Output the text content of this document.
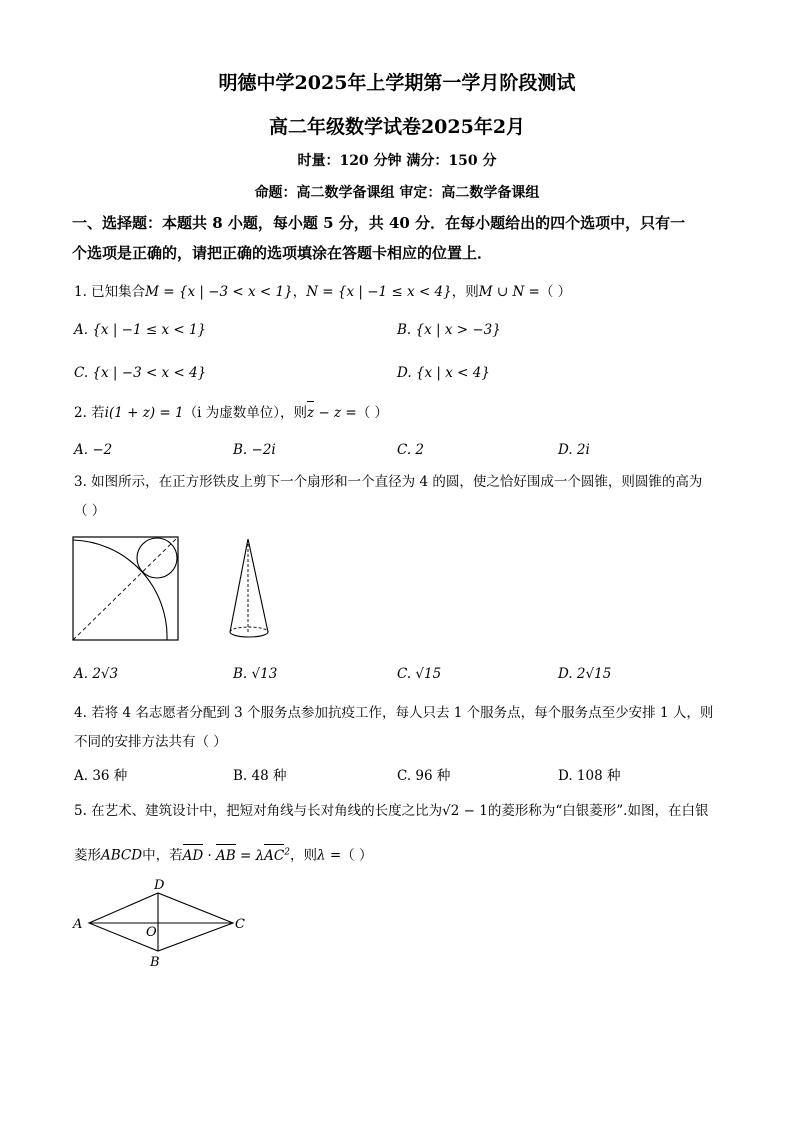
明德中学2025年上学期第一学月阶段测试
高二年级数学试卷2025年2月
时量：120 分钟 满分：150 分
命题：高二数学备课组 审定：高二数学备课组
一、选择题：本题共 8 小题，每小题 5 分，共 40 分．在每小题给出的四个选项中，只有一
个选项是正确的，请把正确的选项填涂在答题卡相应的位置上．
1. 已知集合M = {x | −3 < x < 1}，N = {x | −1 ≤ x < 4}，则M ∪ N =（ ）
A. {x | −1 ≤ x < 1}	B. {x | x > −3}
C. {x | −3 < x < 4}	D. {x | x < 4}
2. 若i(1 + z) = 1（i 为虚数单位），则z − z =（ ）
A. −2	B. −2i	C. 2	D. 2i
3. 如图所示，在正方形铁皮上剪下一个扇形和一个直径为 4 的圆，使之恰好围成一个圆锥，则圆锥的高为
（ ）
A. 2√3	B. √13	C. √15	D. 2√15
4. 若将 4 名志愿者分配到 3 个服务点参加抗疫工作，每人只去 1 个服务点，每个服务点至少安排 1 人，则
不同的安排方法共有（ ）
A. 36 种	B. 48 种	C. 96 种	D. 108 种
5. 在艺术、建筑设计中，把短对角线与长对角线的长度之比为√2 − 1的菱形称为“白银菱形”.如图，在白银
菱形ABCD中，若AD · AB = λAC$^2$，则λ =（ ）
A
D
C
B
O
